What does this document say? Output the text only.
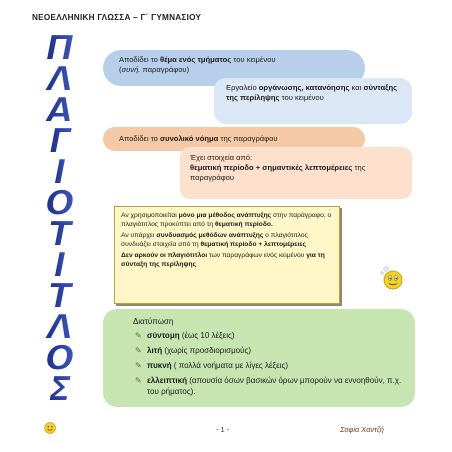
ΝΕΟΕΛΛΗΝΙΚΗ ΓΛΩΣΣΑ – Γ΄ ΓΥΜΝΑΣΙΟΥ
Π
Λ
Α
Γ
Ι
Ο
Τ
Ι
Τ
Λ
Ο
Σ
Αποδίδει το θέμα ενός τμήματος του κειμένου
(συνή. παραγράφου)
Εργαλείο οργάνωσης, κατανόησης και σύνταξης της περίληψης του κειμένου
Αποδίδει το συνολικό νόημα της παραγράφου
Έχει στοιχεία από:
θεματική περίοδο + σημαντικές λεπτομέρειες της παραγράφου

Αν χρησιμοποιείται μόνο μια μέθοδος ανάπτυξης στην παράγραφο, ο πλαγιότιτλος προκύπτει από τη θεματική περίοδο.

Αν υπάρχει συνδυασμός μεθόδων ανάπτυξης ο πλαγιότιτλος συνδυάζει στοιχεία από τη θεματική περίοδο + λεπτομέρειες

Δεν αρκούν οι πλαγιότιτλοι των παραγράφων ενός κειμένου για τη σύνταξη της περίληψης

Διατύπωση
✎ σύντομη (έως 10 λέξεις)
✎ λιτή (χωρίς προσδιορισμούς)
✎ πυκνή ( πολλά νοήματα με λίγες λέξεις)
✎ ελλειπτική (απουσία όσων βασικών όρων μπορούν να εννοηθούν, π.χ. του ρήματος).
- 1 -	Σοφία Χαντζή
